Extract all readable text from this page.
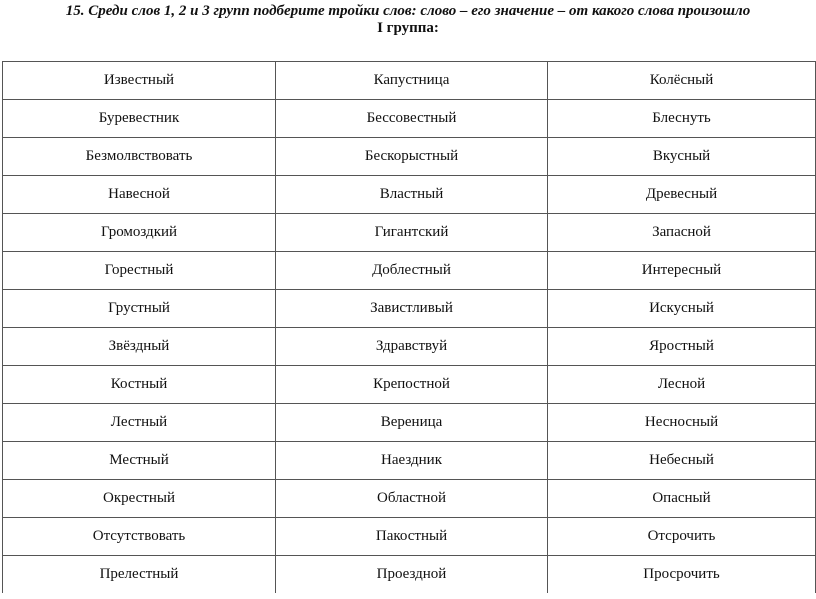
15. Среди слов 1, 2 и 3 групп подберите тройки слов: слово – его значение – от какого слова произошло
I группа:
Известный	Капустница	Колёсный

Буревестник	Бессовестный	Блеснуть

Безмолвствовать	Бескорыстный	Вкусный

Навесной	Властный	Древесный

Громоздкий	Гигантский	Запасной

Горестный	Доблестный	Интересный

Грустный	Завистливый	Искусный

Звёздный	Здравствуй	Яростный

Костный	Крепостной	Лесной

Лестный	Вереница	Несносный

Местный	Наездник	Небесный

Окрестный	Областной	Опасный

Отсутствовать	Пакостный	Отсрочить

Прелестный	Проездной	Просрочить
